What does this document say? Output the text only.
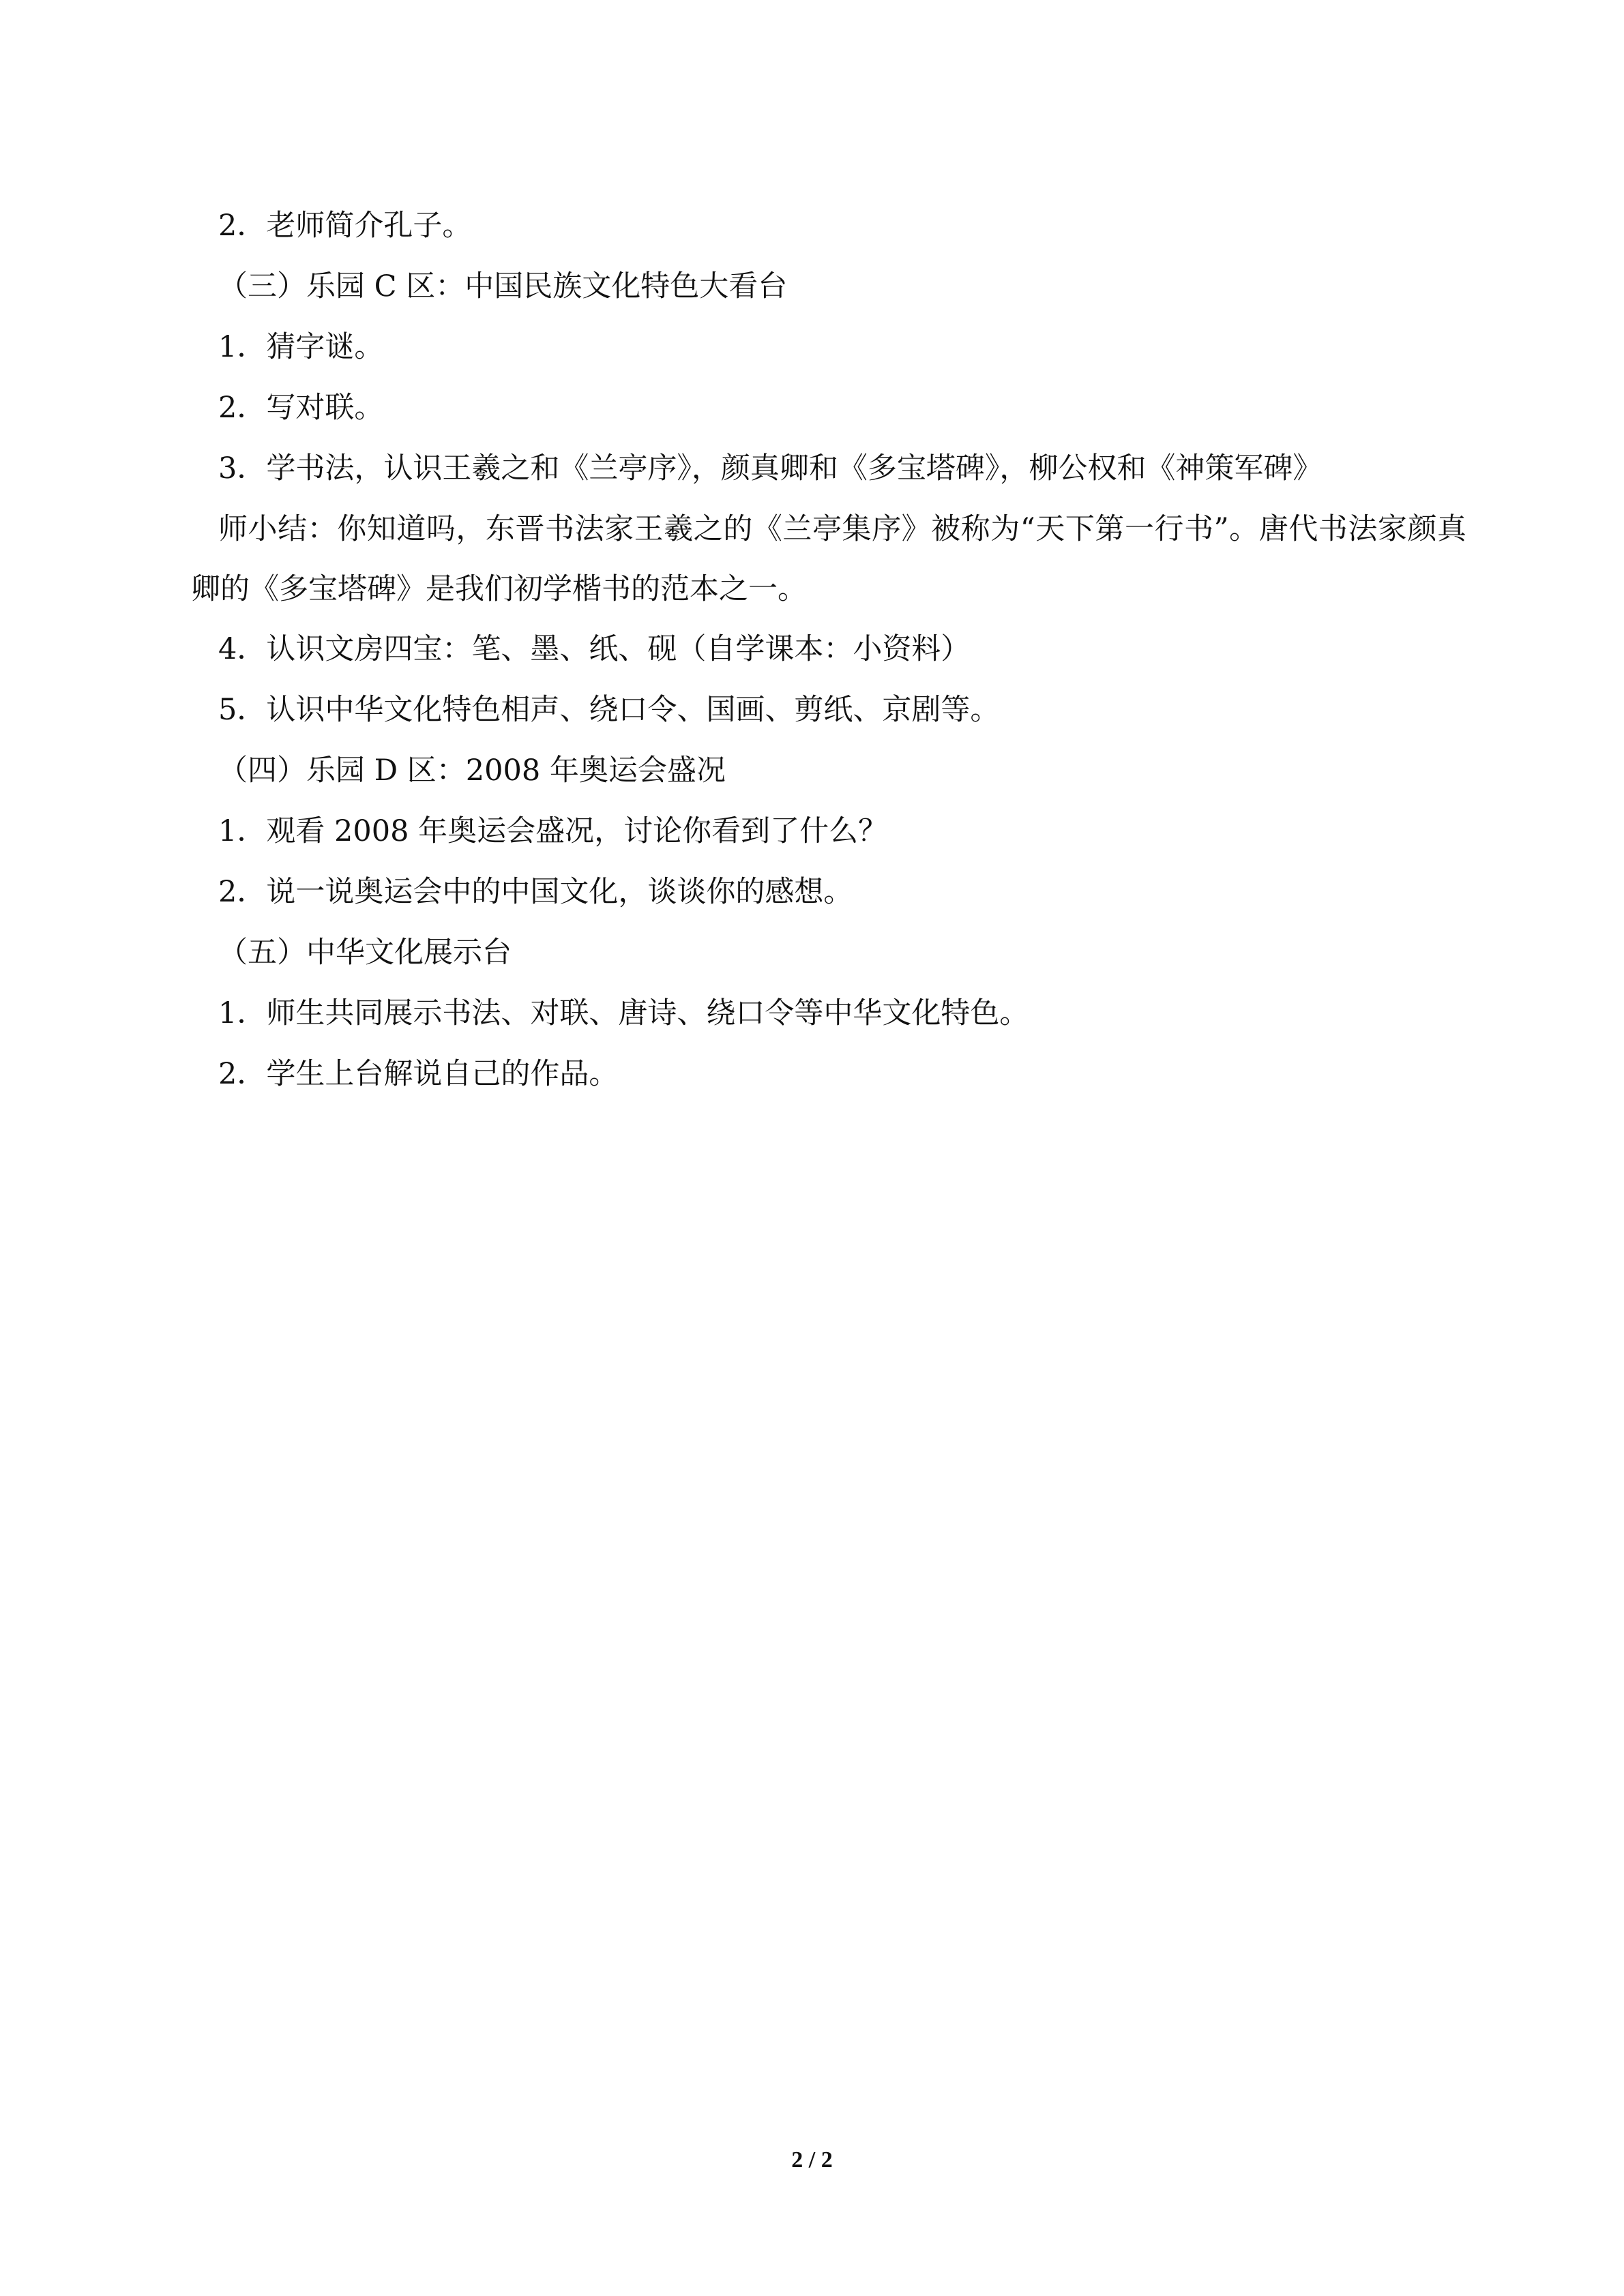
2．老师简介孔子。
（三）乐园 C 区：中国民族文化特色大看台
1．猜字谜。
2．写对联。
3．学书法，认识王羲之和《兰亭序》，颜真卿和《多宝塔碑》，柳公权和《神策军碑》
师小结：你知道吗，东晋书法家王羲之的《兰亭集序》被称为“天下第一行书”。唐代书法家颜真卿的《多宝塔碑》是我们初学楷书的范本之一。
4．认识文房四宝：笔、墨、纸、砚（自学课本：小资料）
5．认识中华文化特色相声、绕口令、国画、剪纸、京剧等。
（四）乐园 D 区：2008 年奥运会盛况
1．观看 2008 年奥运会盛况，讨论你看到了什么？
2．说一说奥运会中的中国文化，谈谈你的感想。
（五）中华文化展示台
1．师生共同展示书法、对联、唐诗、绕口令等中华文化特色。
2．学生上台解说自己的作品。
2 / 2
